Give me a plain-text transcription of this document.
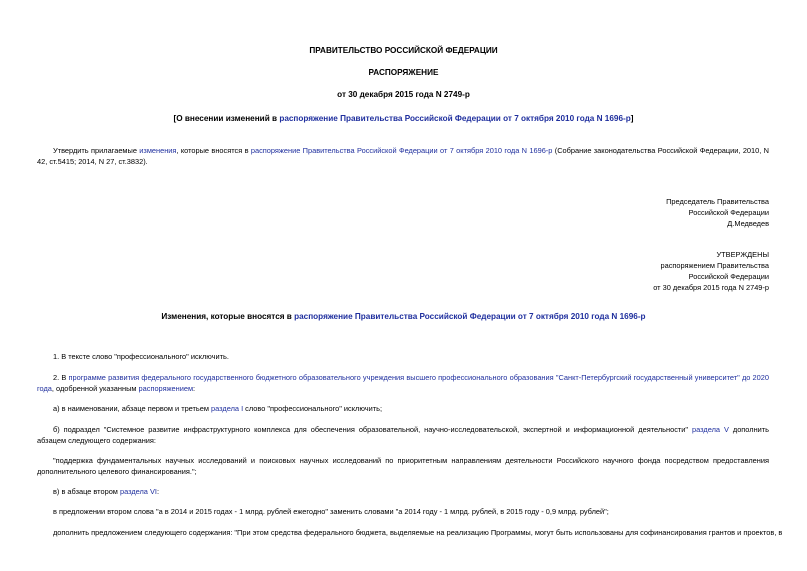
ПРАВИТЕЛЬСТВО РОССИЙСКОЙ ФЕДЕРАЦИИ
РАСПОРЯЖЕНИЕ
от 30 декабря 2015 года N 2749-р
[О внесении изменений в распоряжение Правительства Российской Федерации от 7 октября 2010 года N 1696-р]
Утвердить прилагаемые изменения, которые вносятся в распоряжение Правительства Российской Федерации от 7 октября 2010 года N 1696-р (Собрание законодательства Российской Федерации, 2010, N 42, ст.5415; 2014, N 27, ст.3832).
Председатель Правительства
Российской Федерации
Д.Медведев
УТВЕРЖДЕНЫ
распоряжением Правительства
Российской Федерации
от 30 декабря 2015 года N 2749-р
Изменения, которые вносятся в распоряжение Правительства Российской Федерации от 7 октября 2010 года N 1696-р
1. В тексте слово "профессионального" исключить.
2. В программе развития федерального государственного бюджетного образовательного учреждения высшего профессионального образования "Санкт-Петербургский государственный университет" до 2020 года, одобренной указанным распоряжением:
а) в наименовании, абзаце первом и третьем раздела I слово "профессионального" исключить;
б) подраздел "Системное развитие инфраструктурного комплекса для обеспечения образовательной, научно-исследовательской, экспертной и информационной деятельности" раздела V дополнить абзацем следующего содержания:
"поддержка фундаментальных научных исследований и поисковых научных исследований по приоритетным направлениям деятельности Российского научного фонда посредством предоставления дополнительного целевого финансирования.";
в) в абзаце втором раздела VI:
в предложении втором слова "а в 2014 и 2015 годах - 1 млрд. рублей ежегодно" заменить словами "а 2014 году - 1 млрд. рублей, в 2015 году - 0,9 млрд. рублей";
дополнить предложением следующего содержания: "При этом средства федерального бюджета, выделяемые на реализацию Программы, могут быть использованы для софинансирования грантов и проектов, в
